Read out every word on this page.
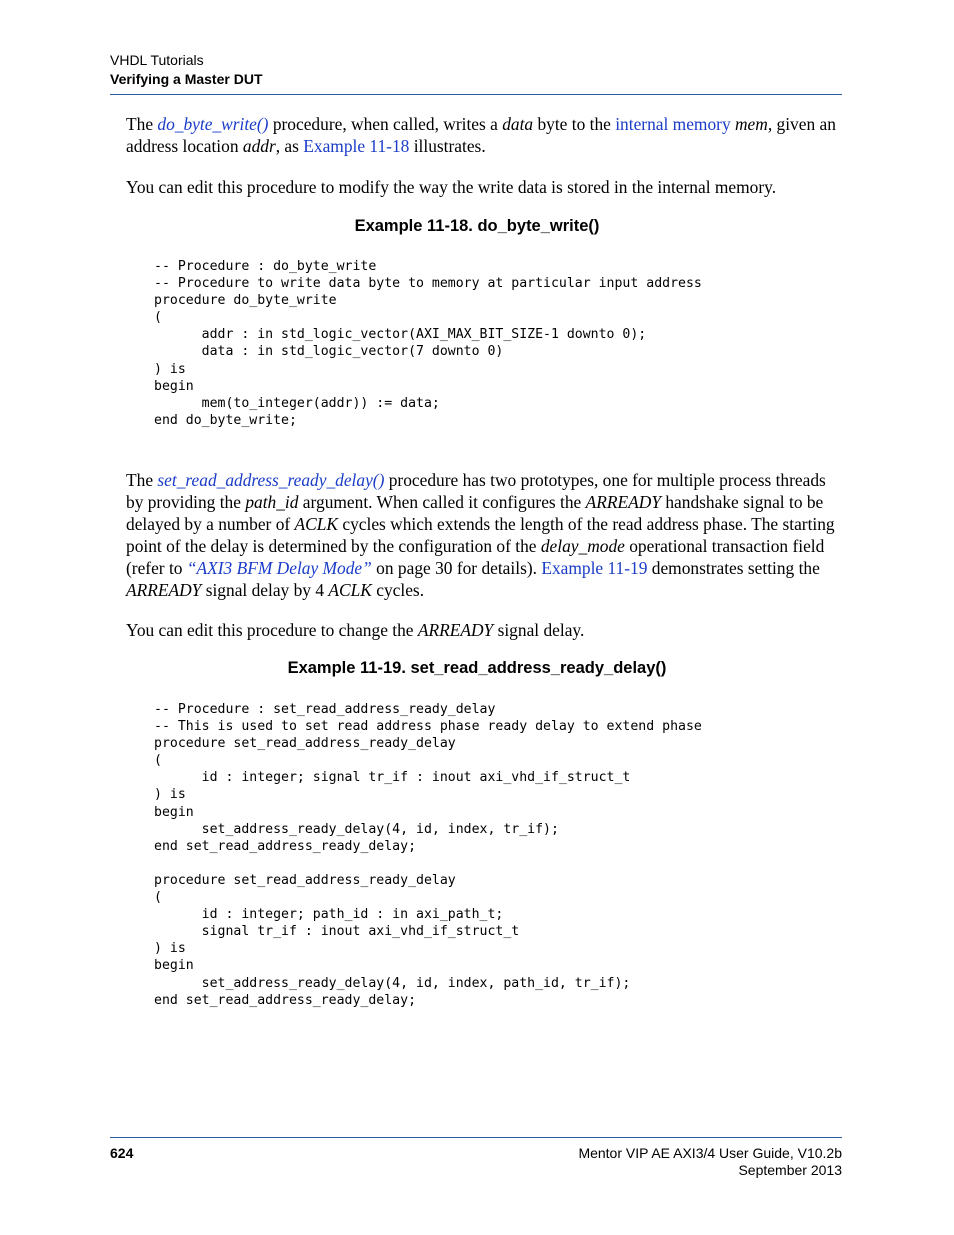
VHDL Tutorials
Verifying a Master DUT

The do_byte_write() procedure, when called, writes a data byte to the internal memory mem, given an address location addr, as Example 11-18 illustrates.

You can edit this procedure to modify the way the write data is stored in the internal memory.

Example 11-18. do_byte_write()
-- Procedure : do_byte_write
-- Procedure to write data byte to memory at particular input address
procedure do_byte_write
(
addr : in std_logic_vector(AXI_MAX_BIT_SIZE-1 downto 0);
data : in std_logic_vector(7 downto 0)
) is
begin
mem(to_integer(addr)) := data;
end do_byte_write;

The set_read_address_ready_delay() procedure has two prototypes, one for multiple process threads by providing the path_id argument. When called it configures the ARREADY handshake signal to be delayed by a number of ACLK cycles which extends the length of the read address phase. The starting point of the delay is determined by the configuration of the delay_mode operational transaction field (refer to “AXI3 BFM Delay Mode” on page 30 for details). Example 11-19 demonstrates setting the ARREADY signal delay by 4 ACLK cycles.

You can edit this procedure to change the ARREADY signal delay.

Example 11-19. set_read_address_ready_delay()
-- Procedure : set_read_address_ready_delay
-- This is used to set read address phase ready delay to extend phase
procedure set_read_address_ready_delay
(
id : integer; signal tr_if : inout axi_vhd_if_struct_t
) is
begin
set_address_ready_delay(4, id, index, tr_if);
end set_read_address_ready_delay;

procedure set_read_address_ready_delay
(
id : integer; path_id : in axi_path_t;
signal tr_if : inout axi_vhd_if_struct_t
) is
begin
set_address_ready_delay(4, id, index, path_id, tr_if);
end set_read_address_ready_delay;
624	Mentor VIP AE AXI3/4 User Guide, V10.2b
September 2013
